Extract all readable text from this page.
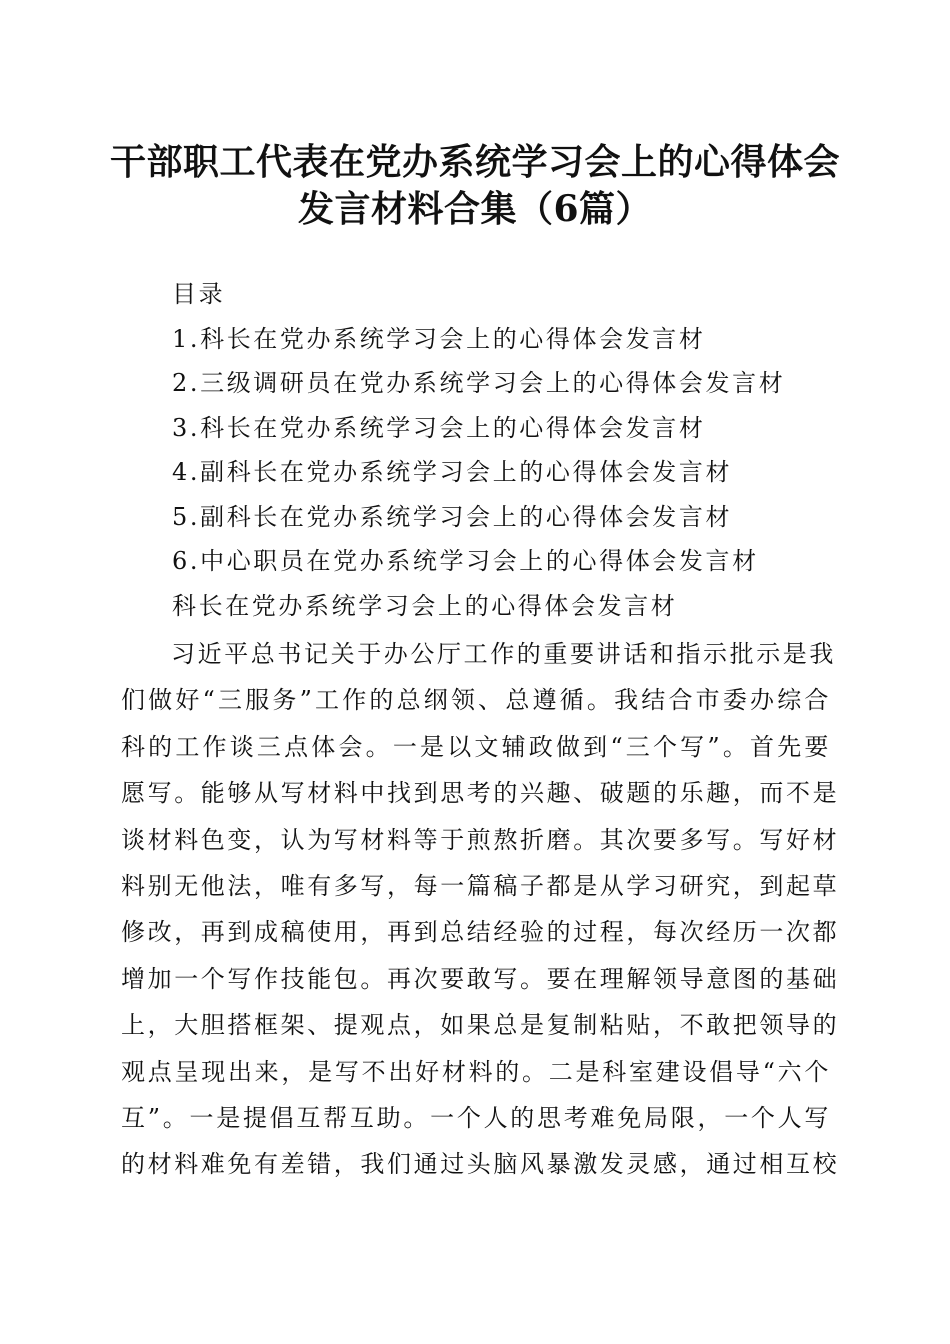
干部职工代表在党办系统学习会上的心得体会
发言材料合集（6篇）
目录
1.科长在党办系统学习会上的心得体会发言材
2.三级调研员在党办系统学习会上的心得体会发言材
3.科长在党办系统学习会上的心得体会发言材
4.副科长在党办系统学习会上的心得体会发言材
5.副科长在党办系统学习会上的心得体会发言材
6.中心职员在党办系统学习会上的心得体会发言材
科长在党办系统学习会上的心得体会发言材
习近平总书记关于办公厅工作的重要讲话和指示批示是我
们做好“三服务”工作的总纲领、总遵循。我结合市委办综合
科的工作谈三点体会。一是以文辅政做到“三个写”。首先要
愿写。能够从写材料中找到思考的兴趣、破题的乐趣，而不是
谈材料色变，认为写材料等于煎熬折磨。其次要多写。写好材
料别无他法，唯有多写，每一篇稿子都是从学习研究，到起草
修改，再到成稿使用，再到总结经验的过程，每次经历一次都
增加一个写作技能包。再次要敢写。要在理解领导意图的基础
上，大胆搭框架、提观点，如果总是复制粘贴，不敢把领导的
观点呈现出来，是写不出好材料的。二是科室建设倡导“六个
互”。一是提倡互帮互助。一个人的思考难免局限，一个人写
的材料难免有差错，我们通过头脑风暴激发灵感，通过相互校
